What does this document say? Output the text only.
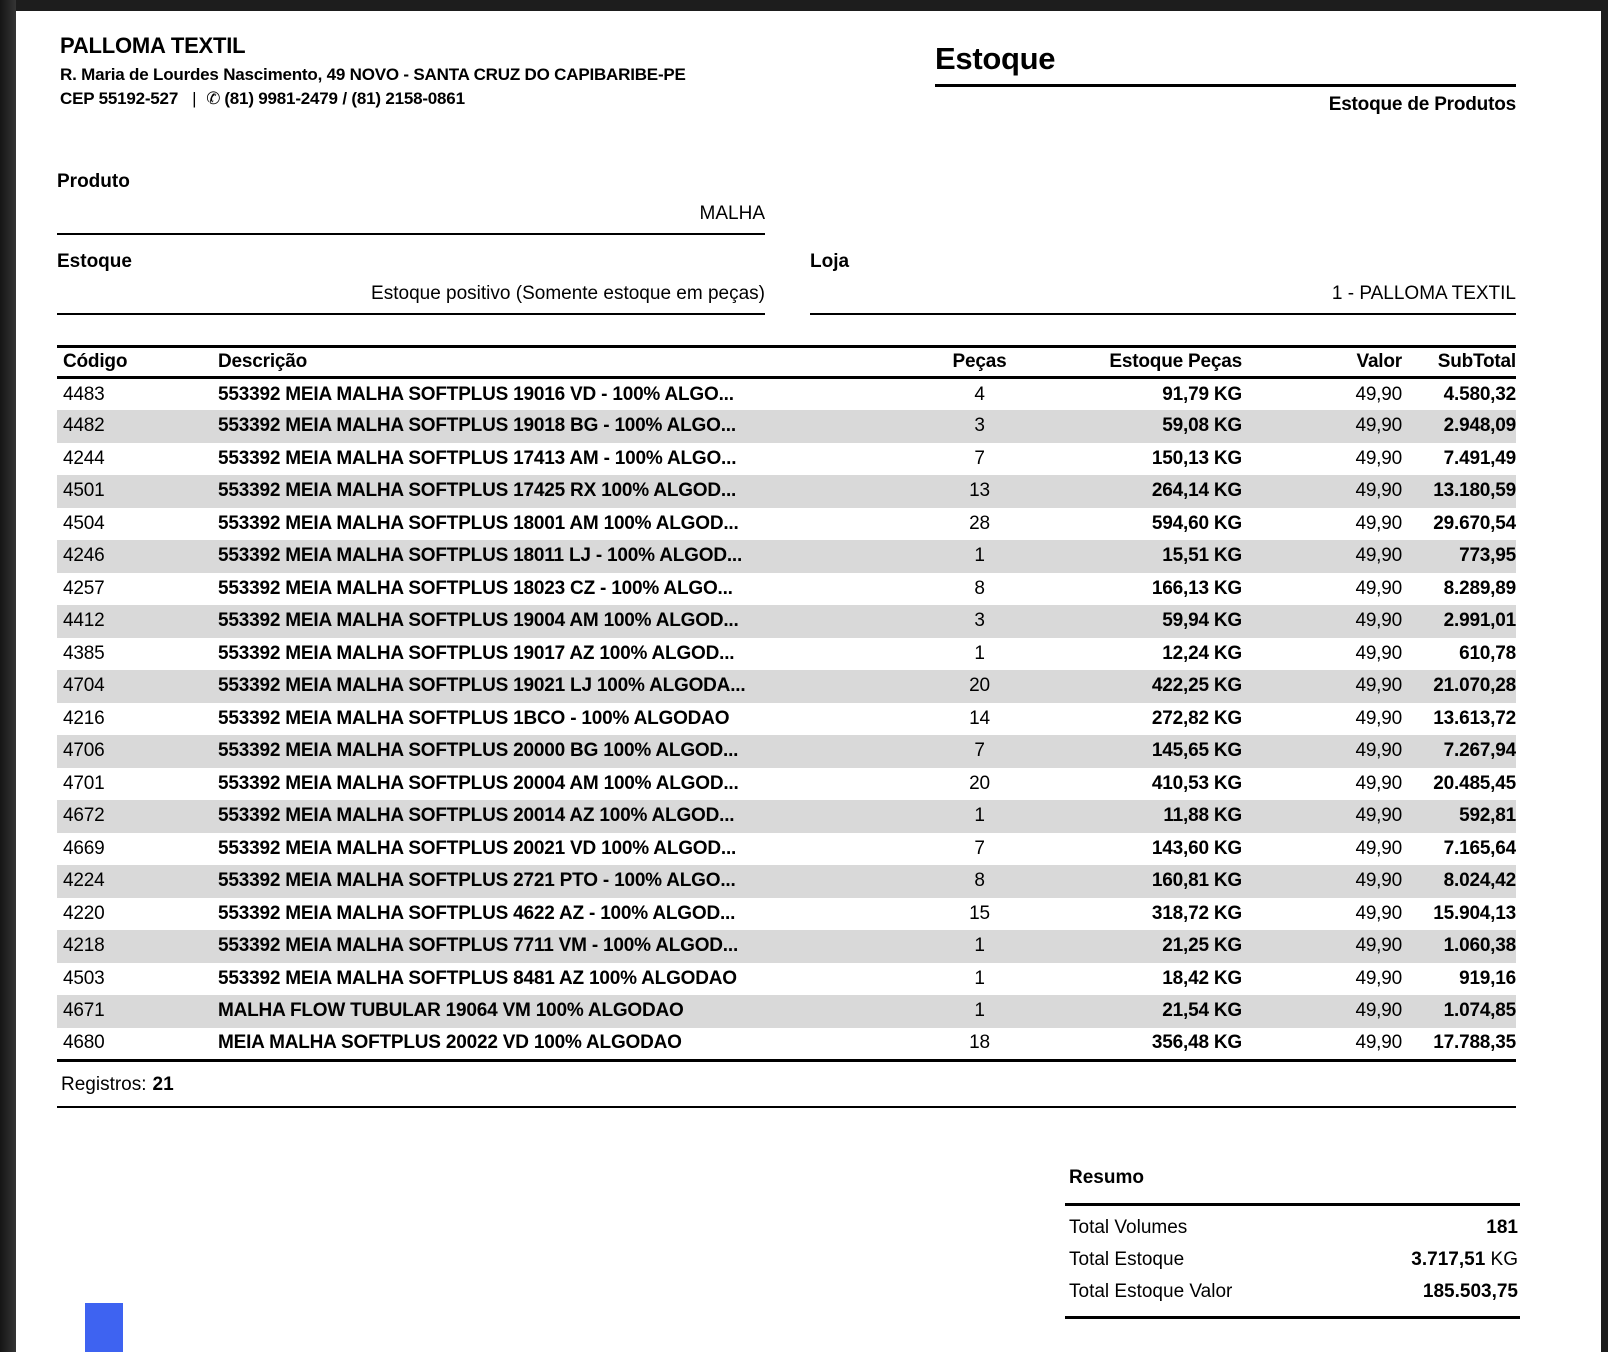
PALLOMA TEXTIL
R. Maria de Lourdes Nascimento, 49 NOVO - SANTA CRUZ DO CAPIBARIBE-PE
CEP 55192-527 | ✆ (81) 9981-2479 / (81) 2158-0861
Estoque
Estoque de Produtos
Produto
MALHA
Estoque
Estoque positivo (Somente estoque em peças)
Loja
1 - PALLOMA TEXTIL
Código	Descrição	Peças	Estoque Peças	Valor	SubTotal
4483	553392 MEIA MALHA SOFTPLUS 19016 VD - 100% ALGO...	4	91,79 KG	49,90	4.580,32
4482	553392 MEIA MALHA SOFTPLUS 19018 BG - 100% ALGO...	3	59,08 KG	49,90	2.948,09
4244	553392 MEIA MALHA SOFTPLUS 17413 AM - 100% ALGO...	7	150,13 KG	49,90	7.491,49
4501	553392 MEIA MALHA SOFTPLUS 17425 RX 100% ALGOD...	13	264,14 KG	49,90	13.180,59
4504	553392 MEIA MALHA SOFTPLUS 18001 AM 100% ALGOD...	28	594,60 KG	49,90	29.670,54
4246	553392 MEIA MALHA SOFTPLUS 18011 LJ - 100% ALGOD...	1	15,51 KG	49,90	773,95
4257	553392 MEIA MALHA SOFTPLUS 18023 CZ - 100% ALGO...	8	166,13 KG	49,90	8.289,89
4412	553392 MEIA MALHA SOFTPLUS 19004 AM 100% ALGOD...	3	59,94 KG	49,90	2.991,01
4385	553392 MEIA MALHA SOFTPLUS 19017 AZ 100% ALGOD...	1	12,24 KG	49,90	610,78
4704	553392 MEIA MALHA SOFTPLUS 19021 LJ 100% ALGODA...	20	422,25 KG	49,90	21.070,28
4216	553392 MEIA MALHA SOFTPLUS 1BCO - 100% ALGODAO	14	272,82 KG	49,90	13.613,72
4706	553392 MEIA MALHA SOFTPLUS 20000 BG 100% ALGOD...	7	145,65 KG	49,90	7.267,94
4701	553392 MEIA MALHA SOFTPLUS 20004 AM 100% ALGOD...	20	410,53 KG	49,90	20.485,45
4672	553392 MEIA MALHA SOFTPLUS 20014 AZ 100% ALGOD...	1	11,88 KG	49,90	592,81
4669	553392 MEIA MALHA SOFTPLUS 20021 VD 100% ALGOD...	7	143,60 KG	49,90	7.165,64
4224	553392 MEIA MALHA SOFTPLUS 2721 PTO - 100% ALGO...	8	160,81 KG	49,90	8.024,42
4220	553392 MEIA MALHA SOFTPLUS 4622 AZ - 100% ALGOD...	15	318,72 KG	49,90	15.904,13
4218	553392 MEIA MALHA SOFTPLUS 7711 VM - 100% ALGOD...	1	21,25 KG	49,90	1.060,38
4503	553392 MEIA MALHA SOFTPLUS 8481 AZ 100% ALGODAO	1	18,42 KG	49,90	919,16
4671	MALHA FLOW TUBULAR 19064 VM 100% ALGODAO	1	21,54 KG	49,90	1.074,85
4680	MEIA MALHA SOFTPLUS 20022 VD 100% ALGODAO	18	356,48 KG	49,90	17.788,35
Registros: 21
Resumo
Total Volumes	181
Total Estoque	3.717,51 KG
Total Estoque Valor	185.503,75
